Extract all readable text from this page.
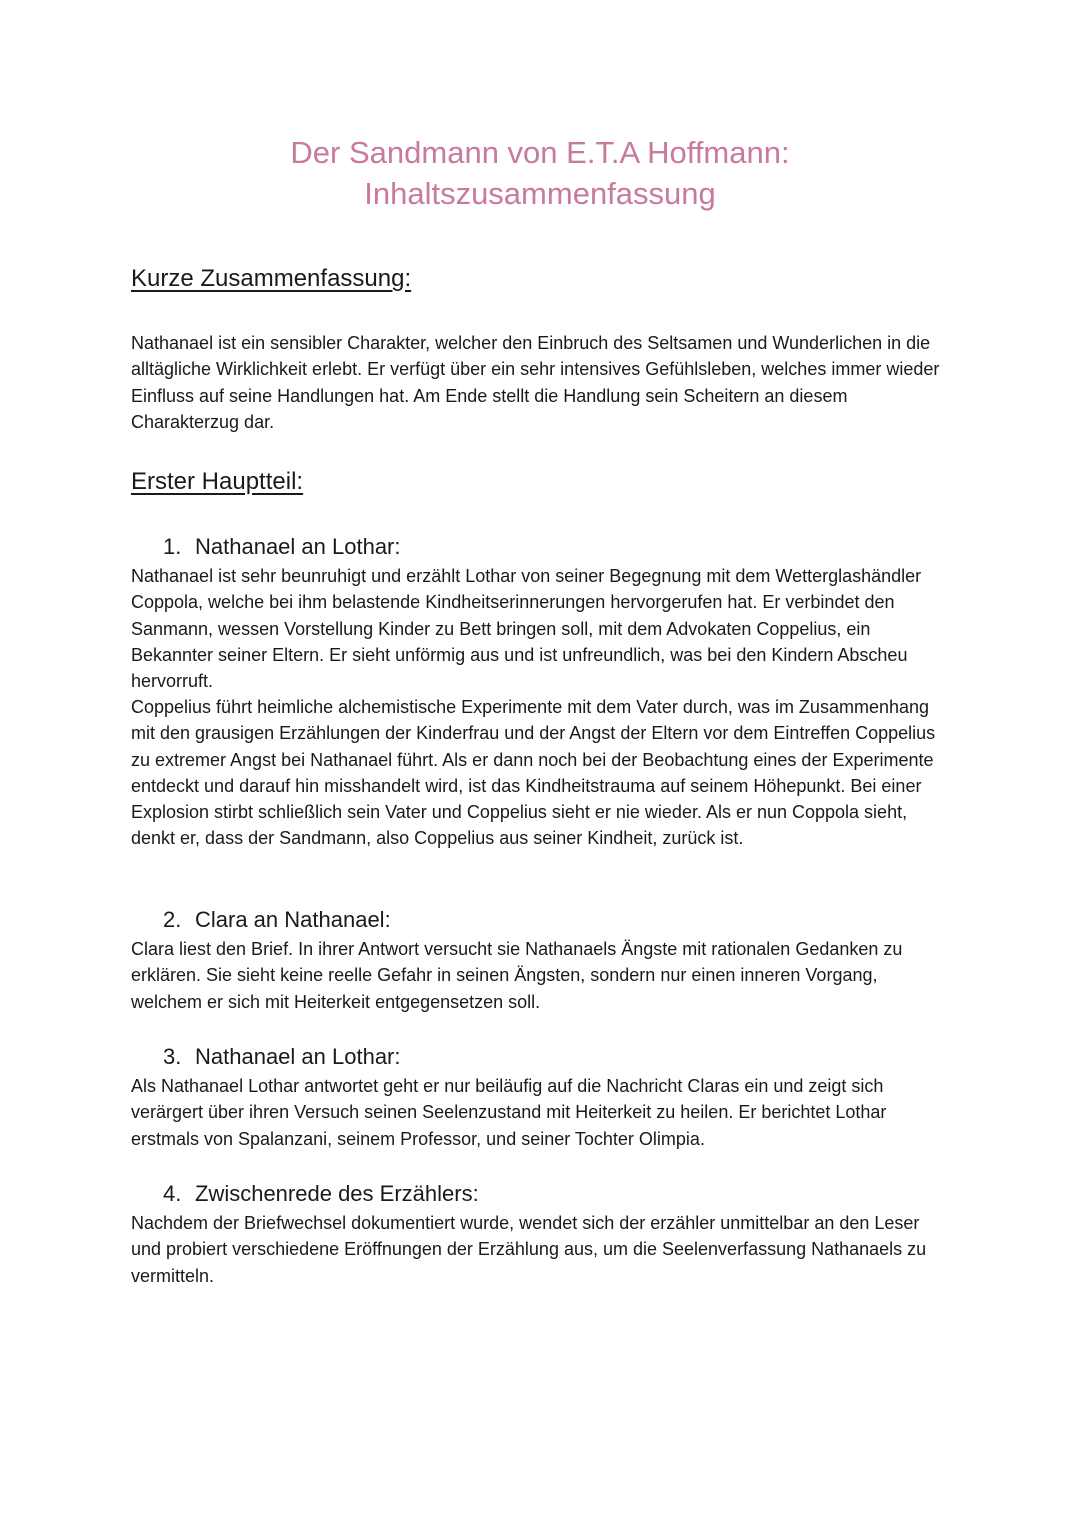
Der Sandmann von E.T.A Hoffmann:
Inhaltszusammenfassung
Kurze Zusammenfassung:

Nathanael ist ein sensibler Charakter, welcher den Einbruch des Seltsamen und Wunderlichen in die alltägliche Wirklichkeit erlebt. Er verfügt über ein sehr intensives Gefühlsleben, welches immer wieder Einfluss auf seine Handlungen hat. Am Ende stellt die Handlung sein Scheitern an diesem Charakterzug dar.

Erster Hauptteil:
1. Nathanael an Lothar:

Nathanael ist sehr beunruhigt und erzählt Lothar von seiner Begegnung mit dem Wetterglashändler Coppola, welche bei ihm belastende Kindheitserinnerungen hervorgerufen hat. Er verbindet den Sanmann, wessen Vorstellung Kinder zu Bett bringen soll, mit dem Advokaten Coppelius, ein Bekannter seiner Eltern. Er sieht unförmig aus und ist unfreundlich, was bei den Kindern Abscheu hervorruft.

Coppelius führt heimliche alchemistische Experimente mit dem Vater durch, was im Zusammenhang mit den grausigen Erzählungen der Kinderfrau und der Angst der Eltern vor dem Eintreffen Coppelius zu extremer Angst bei Nathanael führt. Als er dann noch bei der Beobachtung eines der Experimente entdeckt und darauf hin misshandelt wird, ist das Kindheitstrauma auf seinem Höhepunkt. Bei einer Explosion stirbt schließlich sein Vater und Coppelius sieht er nie wieder. Als er nun Coppola sieht, denkt er, dass der Sandmann, also Coppelius aus seiner Kindheit, zurück ist.

2. Clara an Nathanael:

Clara liest den Brief. In ihrer Antwort versucht sie Nathanaels Ängste mit rationalen Gedanken zu erklären. Sie sieht keine reelle Gefahr in seinen Ängsten, sondern nur einen inneren Vorgang, welchem er sich mit Heiterkeit entgegensetzen soll.

3. Nathanael an Lothar:

Als Nathanael Lothar antwortet geht er nur beiläufig auf die Nachricht Claras ein und zeigt sich verärgert über ihren Versuch seinen Seelenzustand mit Heiterkeit zu heilen. Er berichtet Lothar erstmals von Spalanzani, seinem Professor, und seiner Tochter Olimpia.

4. Zwischenrede des Erzählers:

Nachdem der Briefwechsel dokumentiert wurde, wendet sich der erzähler unmittelbar an den Leser und probiert verschiedene Eröffnungen der Erzählung aus, um die Seelenverfassung Nathanaels zu vermitteln.
